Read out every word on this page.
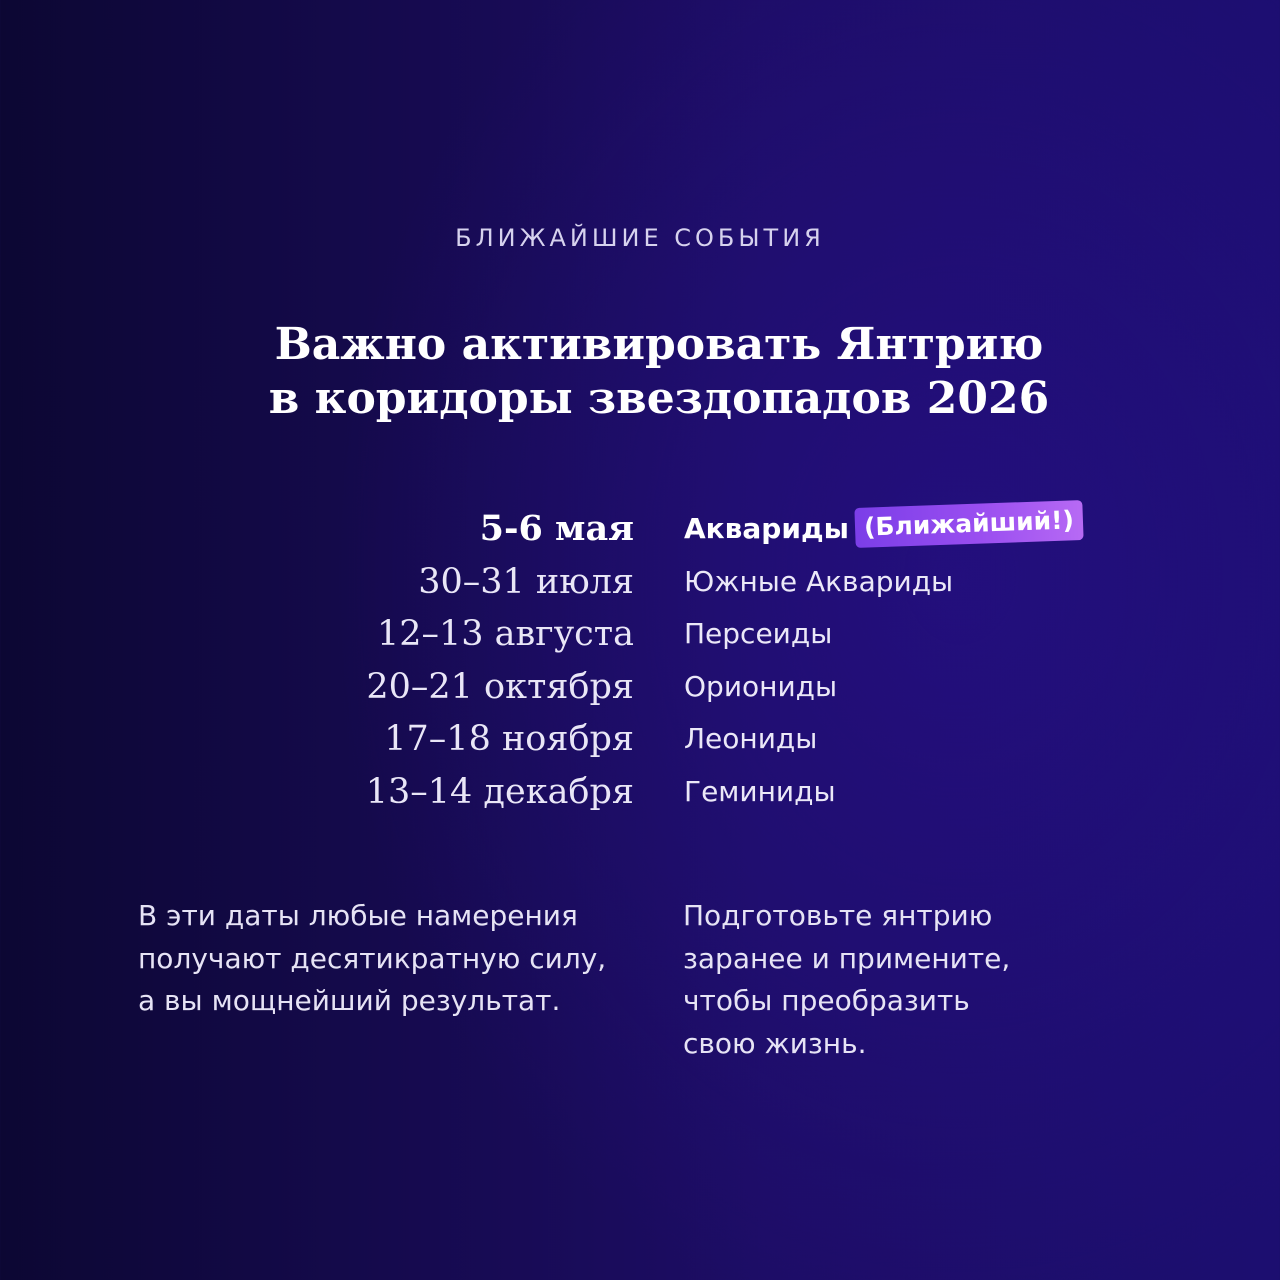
БЛИЖАЙШИЕ СОБЫТИЯ
Важно активировать Янтрию
в коридоры звездопадов 2026
5-6 мая
30–31 июля
12–13 августа
20–21 октября
17–18 ноября
13–14 декабря
Аквариды (Ближайший!)
Южные Аквариды
Персеиды
Ориониды
Леониды
Геминиды
В эти даты любые намерения
получают десятикратную силу,
а вы мощнейший результат.
Подготовьте янтрию
заранее и примените,
чтобы преобразить
свою жизнь.
